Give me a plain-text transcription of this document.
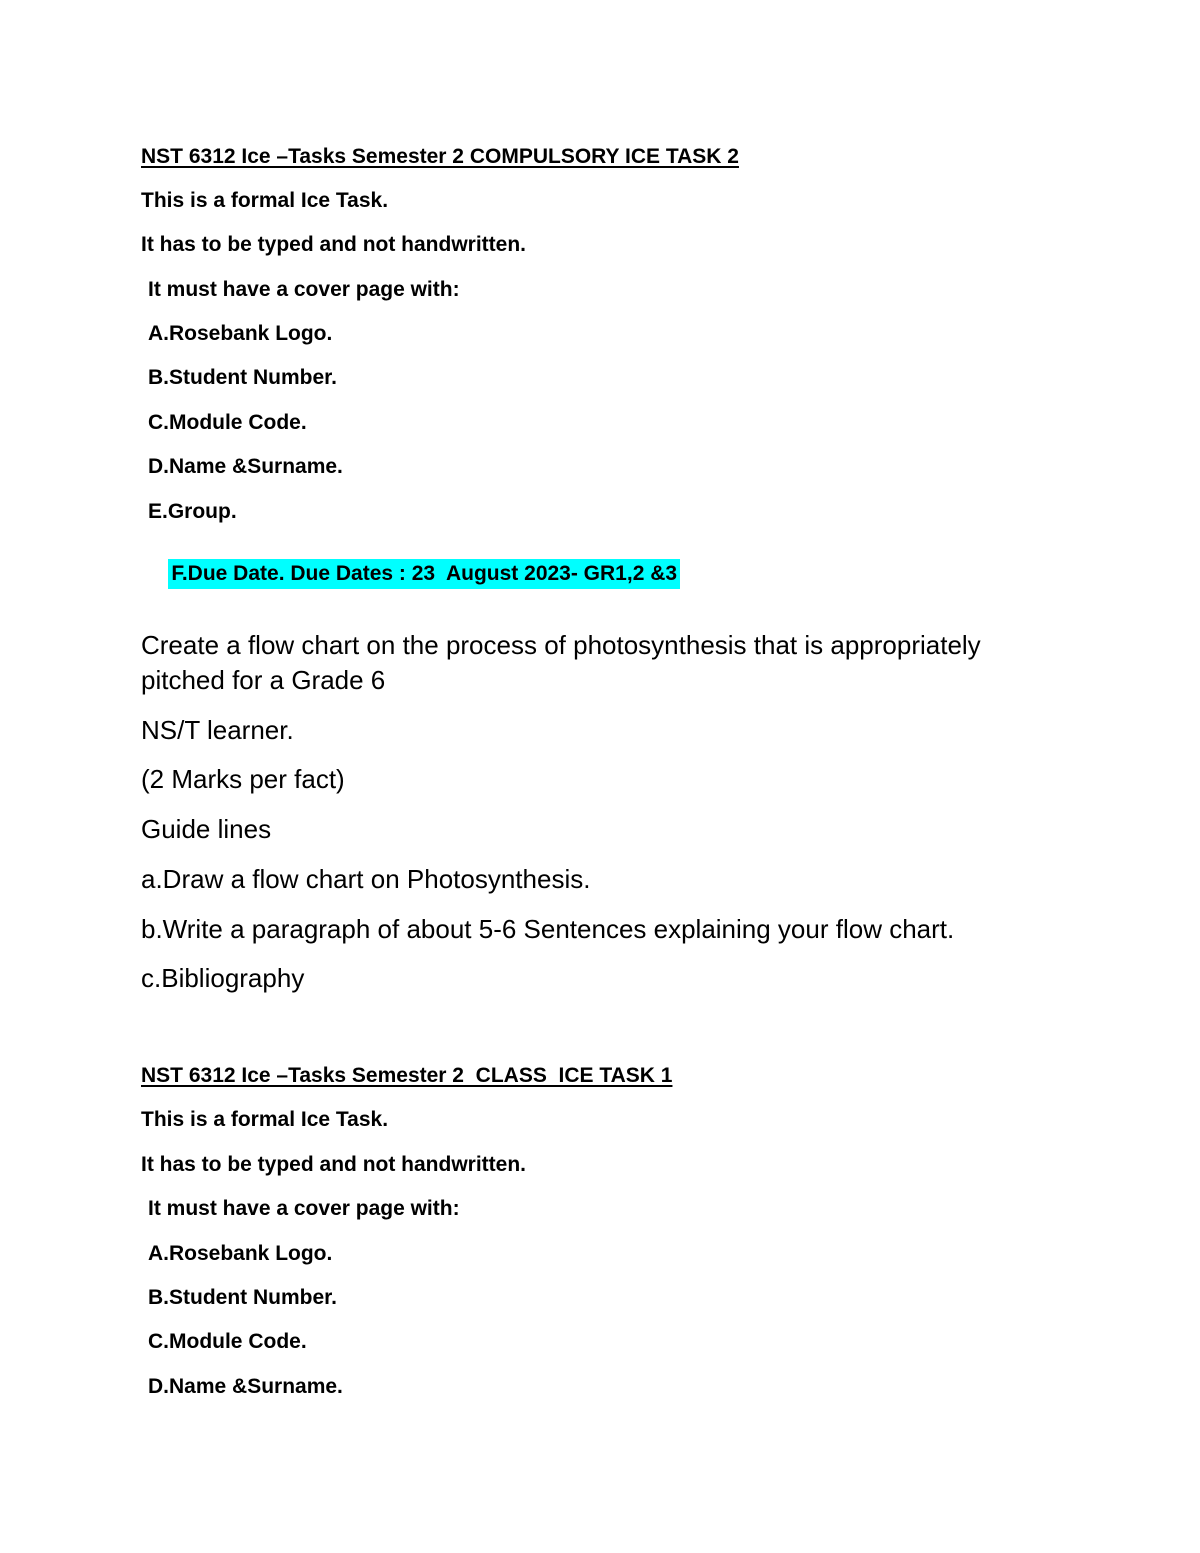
NST 6312 Ice –Tasks Semester 2 COMPULSORY ICE TASK 2
This is a formal Ice Task.
It has to be typed and not handwritten.
It must have a cover page with:
A.Rosebank Logo.
B.Student Number.
C.Module Code.
D.Name &Surname.
E.Group.

F.Due Date. Due Dates : 23  August 2023- GR1,2 &3

Create a flow chart on the process of photosynthesis that is appropriately
pitched for a Grade 6
NS/T learner.
(2 Marks per fact)
Guide lines
a.Draw a flow chart on Photosynthesis.
b.Write a paragraph of about 5-6 Sentences explaining your flow chart.
c.Bibliography
NST 6312 Ice –Tasks Semester 2  CLASS  ICE TASK 1
This is a formal Ice Task.
It has to be typed and not handwritten.
It must have a cover page with:
A.Rosebank Logo.
B.Student Number.
C.Module Code.
D.Name &Surname.
